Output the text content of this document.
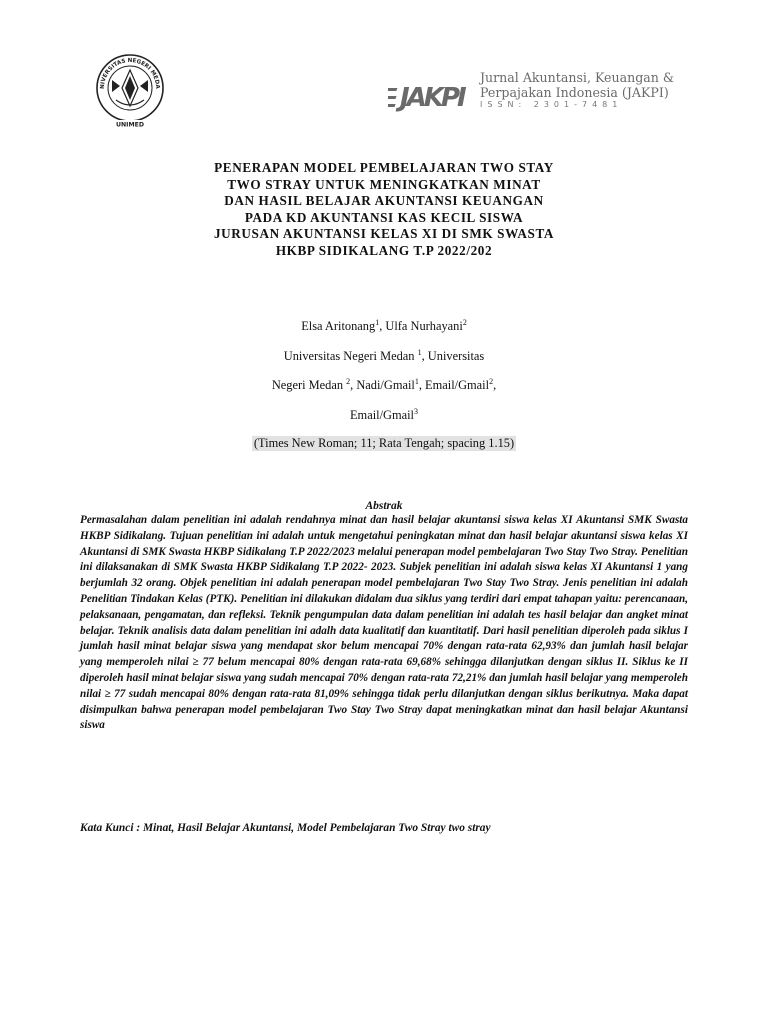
NIVERSITAS NEGERI MEDA
UNIMED
JAKPI
Jurnal Akuntansi, Keuangan &
Perpajakan Indonesia (JAKPI)
ISSN: 2301-7481
PENERAPAN MODEL PEMBELAJARAN TWO STAY
TWO STRAY UNTUK MENINGKATKAN MINAT
DAN HASIL BELAJAR AKUNTANSI KEUANGAN
PADA KD AKUNTANSI KAS KECIL SISWA
JURUSAN AKUNTANSI KELAS XI DI SMK SWASTA
HKBP SIDIKALANG T.P 2022/202
Elsa Aritonang$^1$, Ulfa Nurhayani$^2$
Universitas Negeri Medan $^1$, Universitas
Negeri Medan $^2$, Nadi/Gmail$^1$, Email/Gmail$^2$,
Email/Gmail$^3$
(Times New Roman; 11; Rata Tengah; spacing 1.15)
Abstrak
Permasalahan dalam penelitian ini adalah rendahnya minat dan hasil belajar akuntansi siswa kelas XI Akuntansi SMK Swasta HKBP Sidikalang. Tujuan penelitian ini adalah untuk mengetahui peningkatan minat dan hasil belajar akuntansi siswa kelas XI Akuntansi di SMK Swasta HKBP Sidikalang T.P 2022/2023 melalui penerapan model pembelajaran Two Stay Two Stray. Penelitian ini dilaksanakan di SMK Swasta HKBP Sidikalang T.P 2022- 2023. Subjek penelitian ini adalah siswa kelas XI Akuntansi 1 yang berjumlah 32 orang. Objek penelitian ini adalah penerapan model pembelajaran Two Stay Two Stray. Jenis penelitian ini adalah Penelitian Tindakan Kelas (PTK). Penelitian ini dilakukan didalam dua siklus yang terdiri dari empat tahapan yaitu: perencanaan, pelaksanaan, pengamatan, dan refleksi. Teknik pengumpulan data dalam penelitian ini adalah tes hasil belajar dan angket minat belajar. Teknik analisis data dalam penelitian ini adalh data kualitatif dan kuantitatif. Dari hasil penelitian diperoleh pada siklus I jumlah hasil minat belajar siswa yang mendapat skor belum mencapai 70% dengan rata-rata 62,93% dan jumlah hasil belajar yang memperoleh nilai ≥ 77 belum mencapai 80% dengan rata-rata 69,68% sehingga dilanjutkan dengan siklus II. Siklus ke II diperoleh hasil minat belajar siswa yang sudah mencapai 70% dengan rata-rata 72,21% dan jumlah hasil belajar yang memperoleh nilai ≥ 77 sudah mencapai 80% dengan rata-rata 81,09% sehingga tidak perlu dilanjutkan dengan siklus berikutnya. Maka dapat disimpulkan bahwa penerapan model pembelajaran Two Stay Two Stray dapat meningkatkan minat dan hasil belajar Akuntansi siswa
Kata Kunci : Minat, Hasil Belajar Akuntansi, Model Pembelajaran Two Stray two stray
